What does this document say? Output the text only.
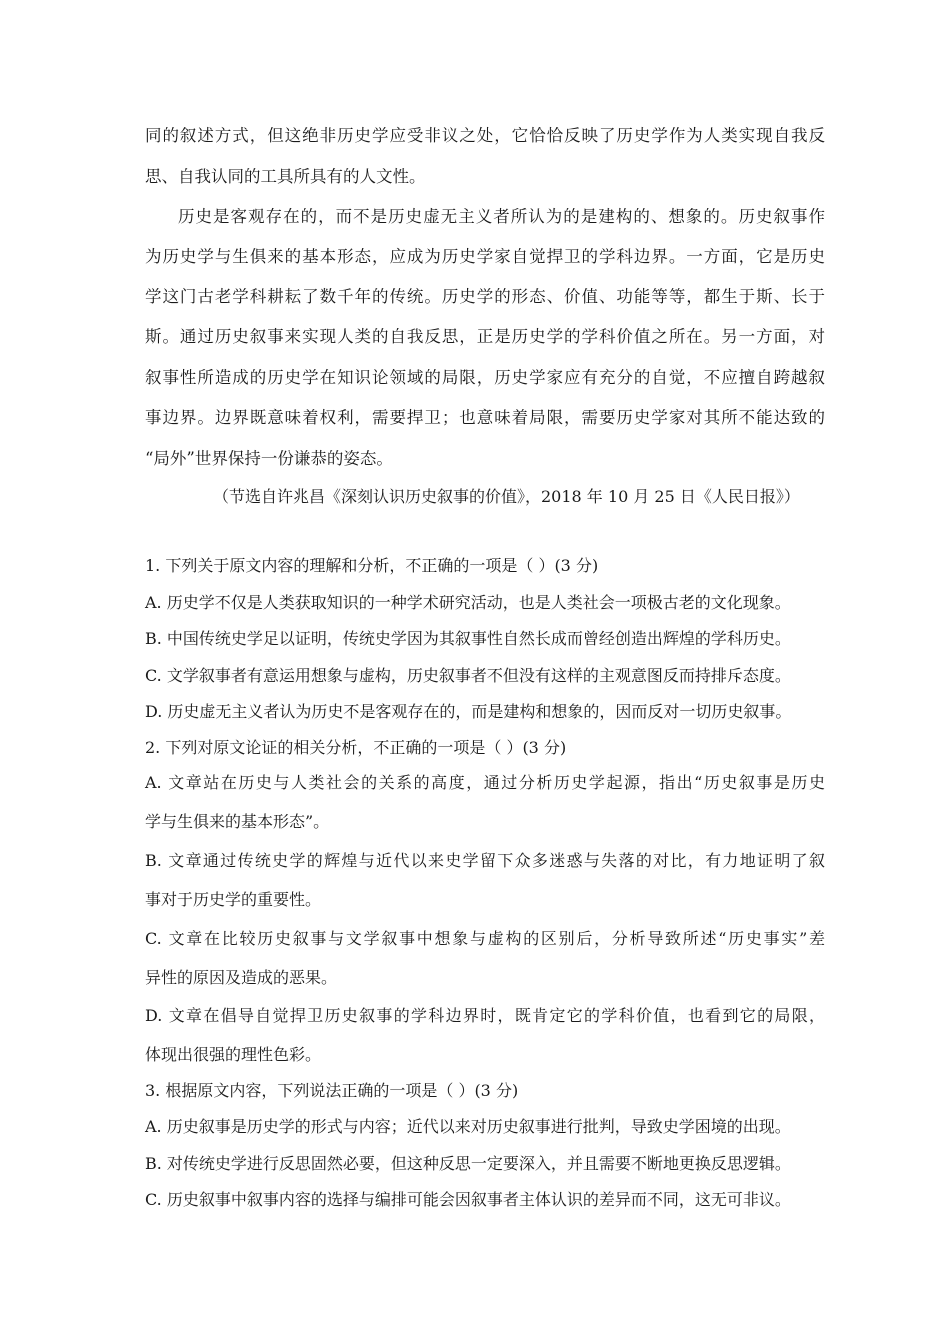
同的叙述方式，但这绝非历史学应受非议之处，它恰恰反映了历史学作为人类实现自我反
思、自我认同的工具所具有的人文性。
历史是客观存在的，而不是历史虚无主义者所认为的是建构的、想象的。历史叙事作
为历史学与生俱来的基本形态，应成为历史学家自觉捍卫的学科边界。一方面，它是历史
学这门古老学科耕耘了数千年的传统。历史学的形态、价值、功能等等，都生于斯、长于
斯。通过历史叙事来实现人类的自我反思，正是历史学的学科价值之所在。另一方面，对
叙事性所造成的历史学在知识论领域的局限，历史学家应有充分的自觉，不应擅自跨越叙
事边界。边界既意味着权利，需要捍卫；也意味着局限，需要历史学家对其所不能达致的
“局外”世界保持一份谦恭的姿态。
（节选自许兆昌《深刻认识历史叙事的价值》，2018 年 10 月 25 日《人民日报》）
1. 下列关于原文内容的理解和分析，不正确的一项是（ ）(3 分)
A. 历史学不仅是人类获取知识的一种学术研究活动，也是人类社会一项极古老的文化现象。
B. 中国传统史学足以证明，传统史学因为其叙事性自然长成而曾经创造出辉煌的学科历史。
C. 文学叙事者有意运用想象与虚构，历史叙事者不但没有这样的主观意图反而持排斥态度。
D. 历史虚无主义者认为历史不是客观存在的，而是建构和想象的，因而反对一切历史叙事。
2. 下列对原文论证的相关分析，不正确的一项是（ ）(3 分)
A. 文章站在历史与人类社会的关系的高度，通过分析历史学起源，指出“历史叙事是历史
学与生俱来的基本形态”。
B. 文章通过传统史学的辉煌与近代以来史学留下众多迷惑与失落的对比，有力地证明了叙
事对于历史学的重要性。
C. 文章在比较历史叙事与文学叙事中想象与虚构的区别后，分析导致所述“历史事实”差
异性的原因及造成的恶果。
D. 文章在倡导自觉捍卫历史叙事的学科边界时，既肯定它的学科价值，也看到它的局限，
体现出很强的理性色彩。
3. 根据原文内容，下列说法正确的一项是（ ）(3 分)
A. 历史叙事是历史学的形式与内容；近代以来对历史叙事进行批判，导致史学困境的出现。
B. 对传统史学进行反思固然必要，但这种反思一定要深入，并且需要不断地更换反思逻辑。
C. 历史叙事中叙事内容的选择与编排可能会因叙事者主体认识的差异而不同，这无可非议。
